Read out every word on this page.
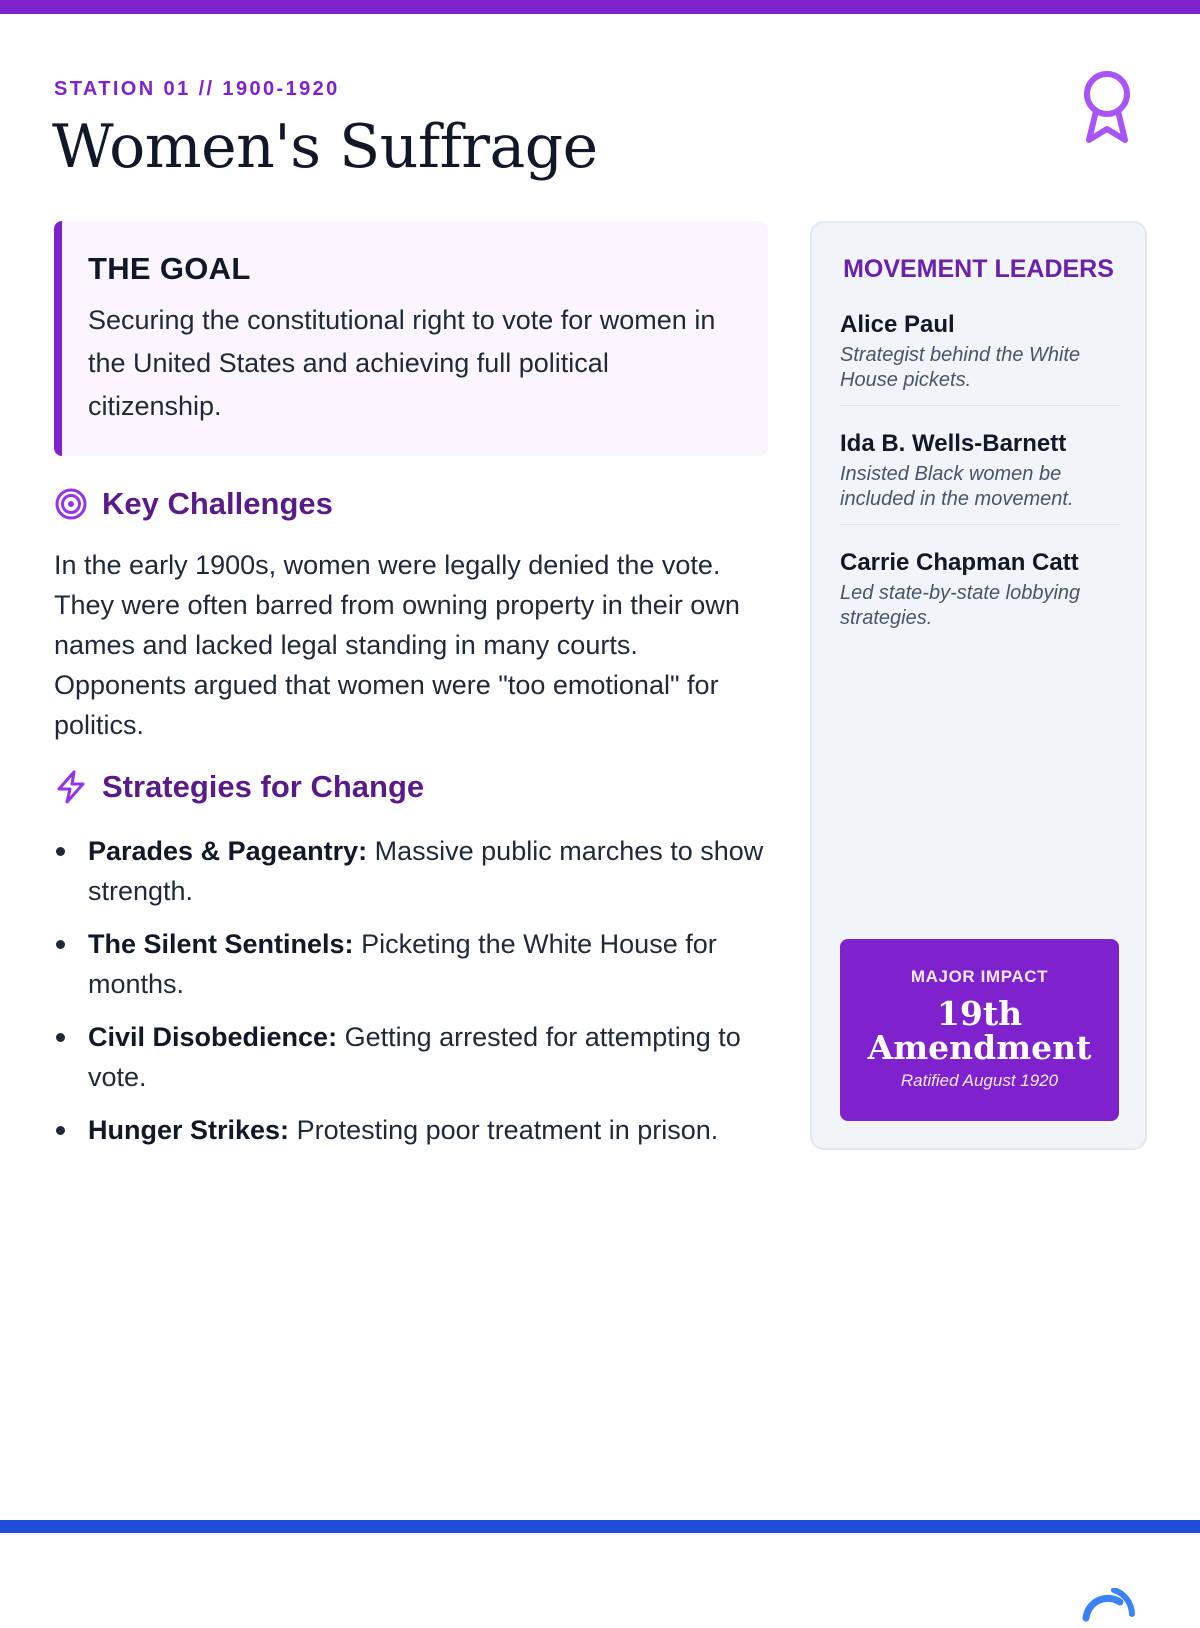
STATION 01 // 1900-1920
Women's Suffrage
THE GOAL

Securing the constitutional right to vote for women in the United States and achieving full political citizenship.

Key Challenges

In the early 1900s, women were legally denied the vote. They were often barred from owning property in their own names and lacked legal standing in many courts. Opponents argued that women were "too emotional" for politics.

Strategies for Change
Parades & Pageantry: Massive public marches to show strength.
The Silent Sentinels: Picketing the White House for months.
Civil Disobedience: Getting arrested for attempting to vote.
Hunger Strikes: Protesting poor treatment in prison.
MOVEMENT LEADERS

Alice Paul

Strategist behind the White House pickets.

Ida B. Wells-Barnett

Insisted Black women be included in the movement.

Carrie Chapman Catt

Led state-by-state lobbying strategies.

MAJOR IMPACT

19th Amendment

Ratified August 1920
